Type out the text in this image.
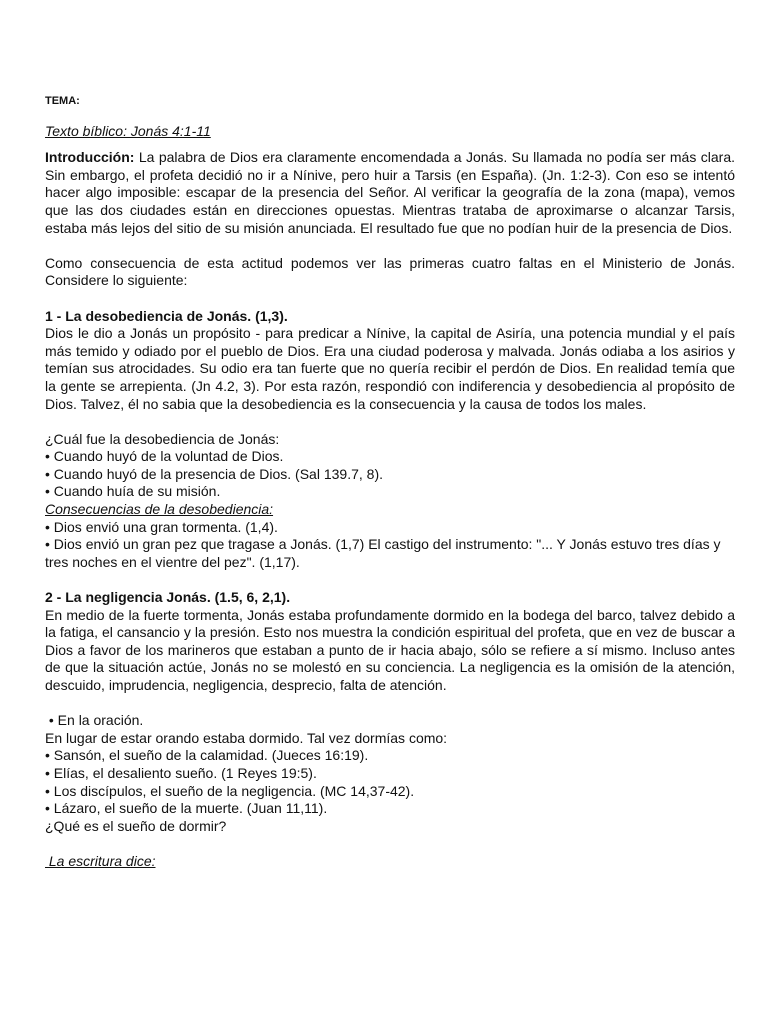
TEMA:

Texto bíblico: Jonás 4:1-11

Introducción: La palabra de Dios era claramente encomendada a Jonás. Su llamada no podía ser más clara. Sin embargo, el profeta decidió no ir a Nínive, pero huir a Tarsis (en España). (Jn. 1:2-3). Con eso se intentó hacer algo imposible: escapar de la presencia del Señor. Al verificar la geografía de la zona (mapa), vemos que las dos ciudades están en direcciones opuestas. Mientras trataba de aproximarse o alcanzar Tarsis, estaba más lejos del sitio de su misión anunciada. El resultado fue que no podían huir de la presencia de Dios.

Como consecuencia de esta actitud podemos ver las primeras cuatro faltas en el Ministerio de Jonás. Considere lo siguiente:

1 - La desobediencia de Jonás. (1,3).

Dios le dio a Jonás un propósito - para predicar a Nínive, la capital de Asiría, una potencia mundial y el país más temido y odiado por el pueblo de Dios. Era una ciudad poderosa y malvada. Jonás odiaba a los asirios y temían sus atrocidades. Su odio era tan fuerte que no quería recibir el perdón de Dios. En realidad temía que la gente se arrepienta. (Jn 4.2, 3). Por esta razón, respondió con indiferencia y desobediencia al propósito de Dios. Talvez, él no sabia que la desobediencia es la consecuencia y la causa de todos los males.

¿Cuál fue la desobediencia de Jonás:
• Cuando huyó de la voluntad de Dios.
• Cuando huyó de la presencia de Dios. (Sal 139.7, 8).
• Cuando huía de su misión.
Consecuencias de la desobediencia:
• Dios envió una gran tormenta. (1,4).
• Dios envió un gran pez que tragase a Jonás. (1,7) El castigo del instrumento: "... Y Jonás estuvo tres días y tres noches en el vientre del pez". (1,17).
2 - La negligencia Jonás. (1.5, 6, 2,1).

En medio de la fuerte tormenta, Jonás estaba profundamente dormido en la bodega del barco, talvez debido a la fatiga, el cansancio y la presión. Esto nos muestra la condición espiritual del profeta, que en vez de buscar a Dios a favor de los marineros que estaban a punto de ir hacia abajo, sólo se refiere a sí mismo. Incluso antes de que la situación actúe, Jonás no se molestó en su conciencia. La negligencia es la omisión de la atención, descuido, imprudencia, negligencia, desprecio, falta de atención.

• En la oración.
En lugar de estar orando estaba dormido. Tal vez dormías como:
• Sansón, el sueño de la calamidad. (Jueces 16:19).
• Elías, el desaliento sueño. (1 Reyes 19:5).
• Los discípulos, el sueño de la negligencia. (MC 14,37-42).
• Lázaro, el sueño de la muerte. (Juan 11,11).
¿Qué es el sueño de dormir?
La escritura dice:
